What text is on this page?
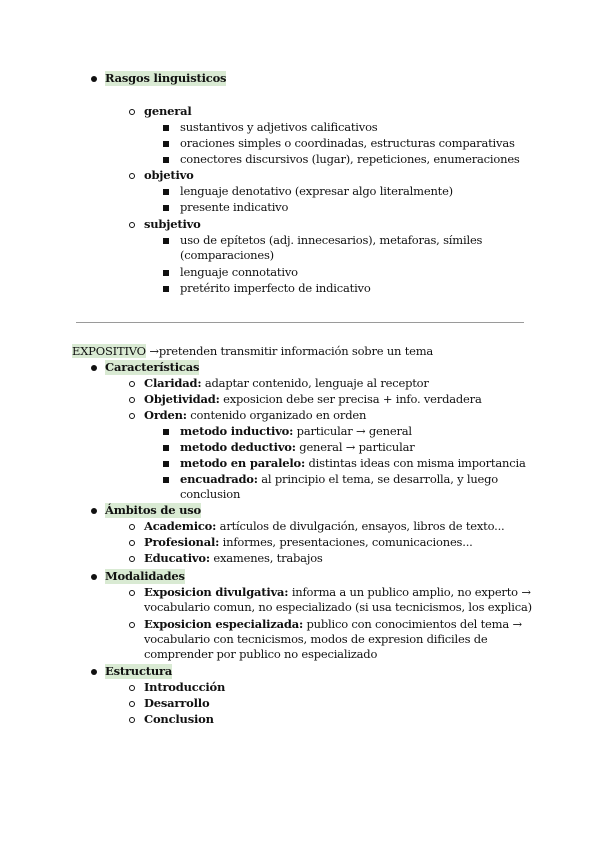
Rasgos linguisticos
general
sustantivos y adjetivos calificativos
oraciones simples o coordinadas, estructuras comparativas
conectores discursivos (lugar), repeticiones, enumeraciones
objetivo
lenguaje denotativo (expresar algo literalmente)
presente indicativo
subjetivo
uso de epítetos (adj. innecesarios), metaforas, símiles
(comparaciones)
lenguaje connotativo
pretérito imperfecto de indicativo
EXPOSITIVO →pretenden transmitir información sobre un tema
Características
Claridad: adaptar contenido, lenguaje al receptor
Objetividad: exposicion debe ser precisa + info. verdadera
Orden: contenido organizado en orden
metodo inductivo: particular → general
metodo deductivo: general → particular
metodo en paralelo: distintas ideas con misma importancia
encuadrado: al principio el tema, se desarrolla, y luego
conclusion
Ámbitos de uso
Academico: artículos de divulgación, ensayos, libros de texto...
Profesional: informes, presentaciones, comunicaciones...
Educativo: examenes, trabajos
Modalidades
Exposicion divulgativa: informa a un publico amplio, no experto →
vocabulario comun, no especializado (si usa tecnicismos, los explica)
Exposicion especializada: publico con conocimientos del tema →
vocabulario con tecnicismos, modos de expresion dificiles de
comprender por publico no especializado
Estructura
Introducción
Desarrollo
Conclusion
